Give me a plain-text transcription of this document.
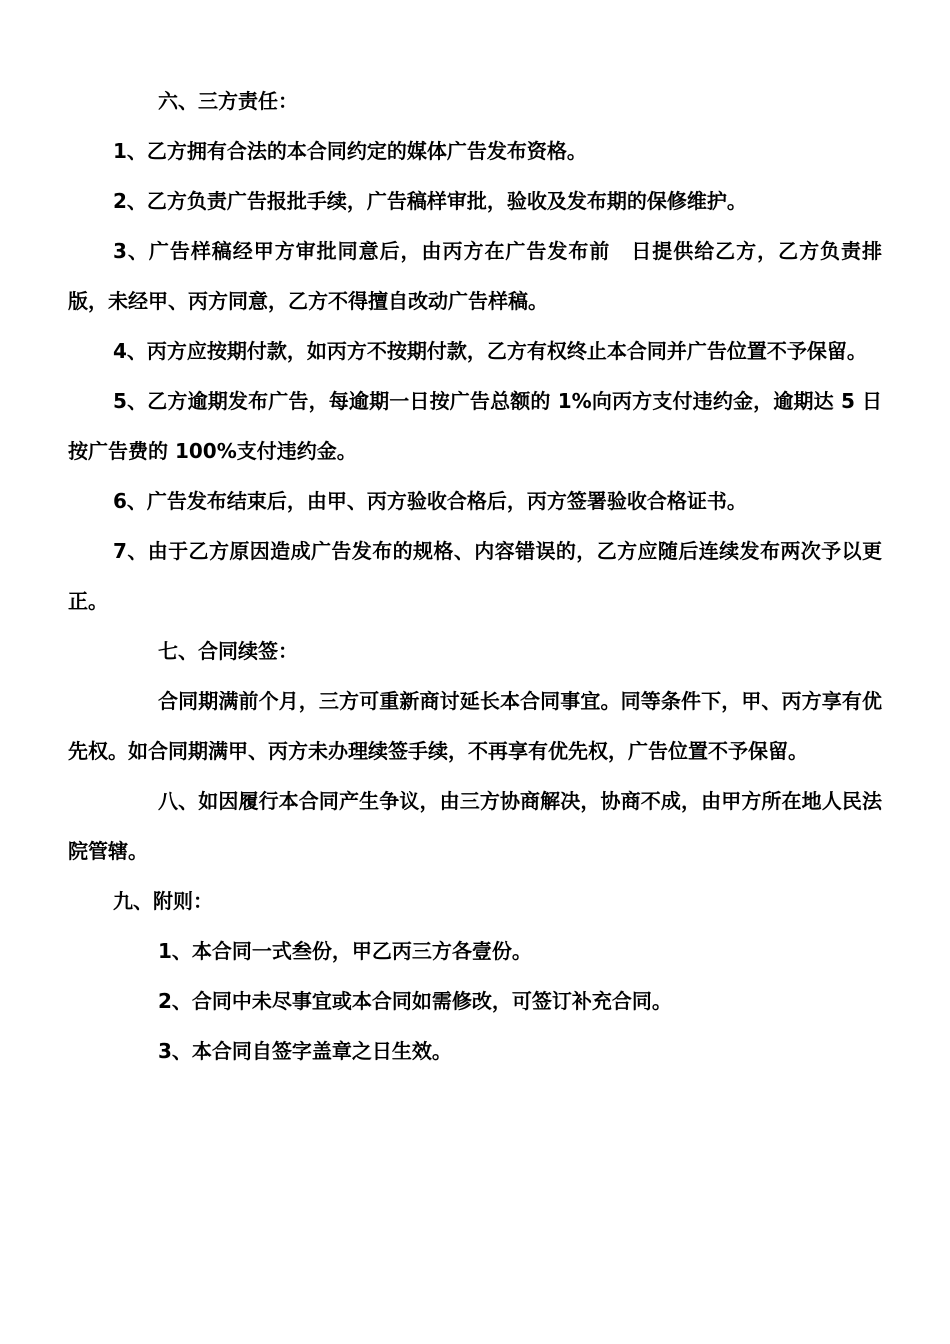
六、三方责任：

1、乙方拥有合法的本合同约定的媒体广告发布资格。

2、乙方负责广告报批手续，广告稿样审批，验收及发布期的保修维护。

3、广告样稿经甲方审批同意后，由丙方在广告发布前　日提供给乙方，乙方负责排版，未经甲、丙方同意，乙方不得擅自改动广告样稿。

4、丙方应按期付款，如丙方不按期付款，乙方有权终止本合同并广告位置不予保留。

5、乙方逾期发布广告，每逾期一日按广告总额的 1%向丙方支付违约金，逾期达 5 日按广告费的 100%支付违约金。

6、广告发布结束后，由甲、丙方验收合格后，丙方签署验收合格证书。

7、由于乙方原因造成广告发布的规格、内容错误的，乙方应随后连续发布两次予以更正。

七、合同续签：

合同期满前个月，三方可重新商讨延长本合同事宜。同等条件下，甲、丙方享有优先权。如合同期满甲、丙方未办理续签手续，不再享有优先权，广告位置不予保留。

八、如因履行本合同产生争议，由三方协商解决，协商不成，由甲方所在地人民法院管辖。

九、附则：

1、本合同一式叁份，甲乙丙三方各壹份。

2、合同中未尽事宜或本合同如需修改，可签订补充合同。

3、本合同自签字盖章之日生效。
